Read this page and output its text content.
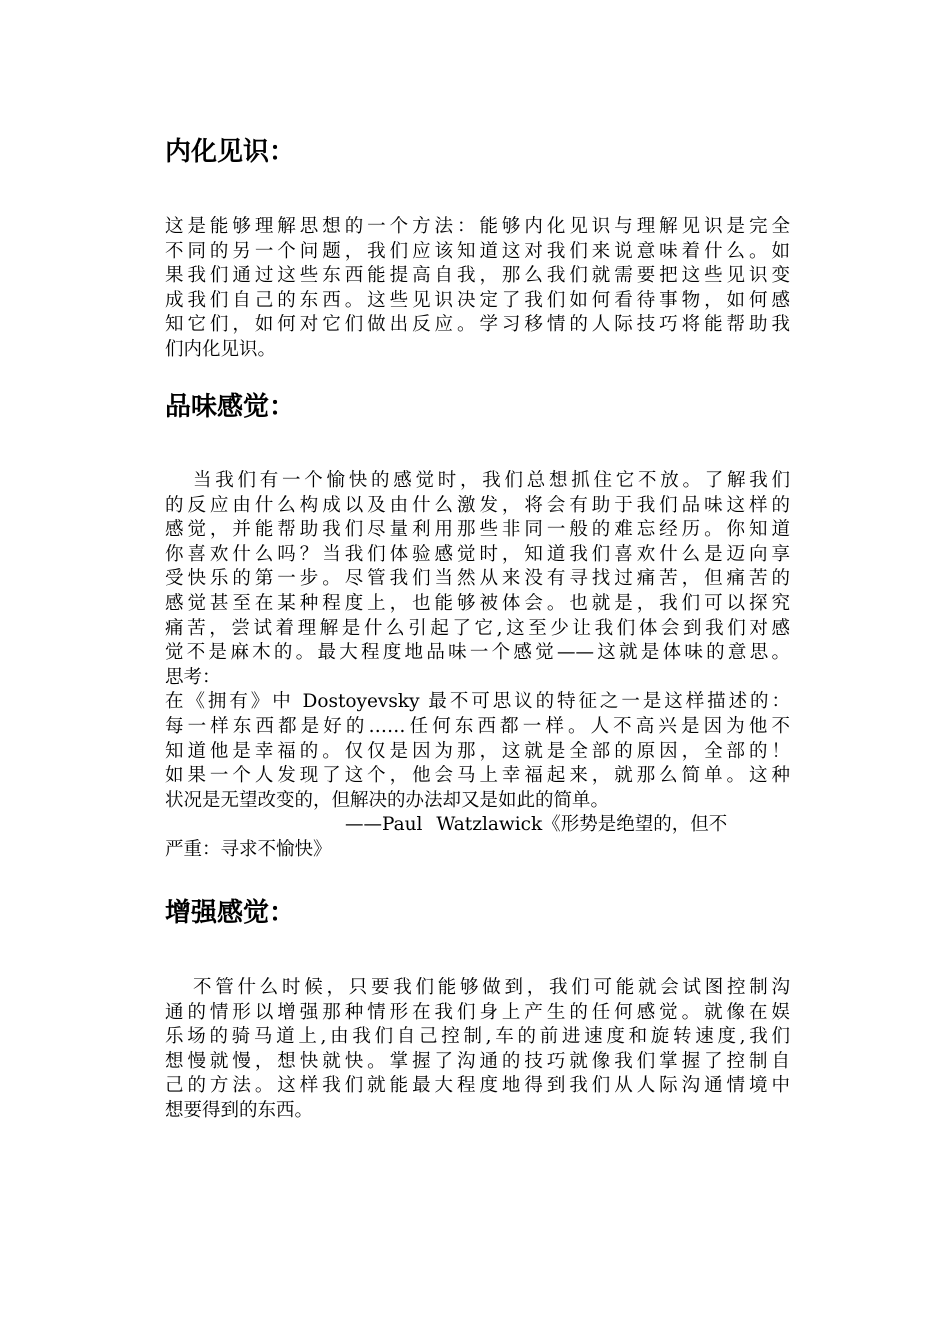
内化见识：
这是能够理解思想的一个方法：能够内化见识与理解见识是完全
不同的另一个问题，我们应该知道这对我们来说意味着什么。如
果我们通过这些东西能提高自我，那么我们就需要把这些见识变
成我们自己的东西。这些见识决定了我们如何看待事物，如何感
知它们，如何对它们做出反应。学习移情的人际技巧将能帮助我
们内化见识。
品味感觉：
当我们有一个愉快的感觉时，我们总想抓住它不放。了解我们
的反应由什么构成以及由什么激发，将会有助于我们品味这样的
感觉，并能帮助我们尽量利用那些非同一般的难忘经历。你知道
你喜欢什么吗？当我们体验感觉时，知道我们喜欢什么是迈向享
受快乐的第一步。尽管我们当然从来没有寻找过痛苦，但痛苦的
感觉甚至在某种程度上，也能够被体会。也就是，我们可以探究
痛苦，尝试着理解是什么引起了它,这至少让我们体会到我们对感
觉不是麻木的。最大程度地品味一个感觉——这就是体味的意思。
思考：
在《拥有》中 Dostoyevsky 最不可思议的特征之一是这样描述的：
每一样东西都是好的……任何东西都一样。人不高兴是因为他不
知道他是幸福的。仅仅是因为那，这就是全部的原因，全部的！
如果一个人发现了这个，他会马上幸福起来，就那么简单。这种
状况是无望改变的，但解决的办法却又是如此的简单。
——Paul Watzlawick《形势是绝望的，但不
严重：寻求不愉快》
增强感觉：
不管什么时候，只要我们能够做到，我们可能就会试图控制沟
通的情形以增强那种情形在我们身上产生的任何感觉。就像在娱
乐场的骑马道上,由我们自己控制,车的前进速度和旋转速度,我们
想慢就慢，想快就快。掌握了沟通的技巧就像我们掌握了控制自
己的方法。这样我们就能最大程度地得到我们从人际沟通情境中
想要得到的东西。
